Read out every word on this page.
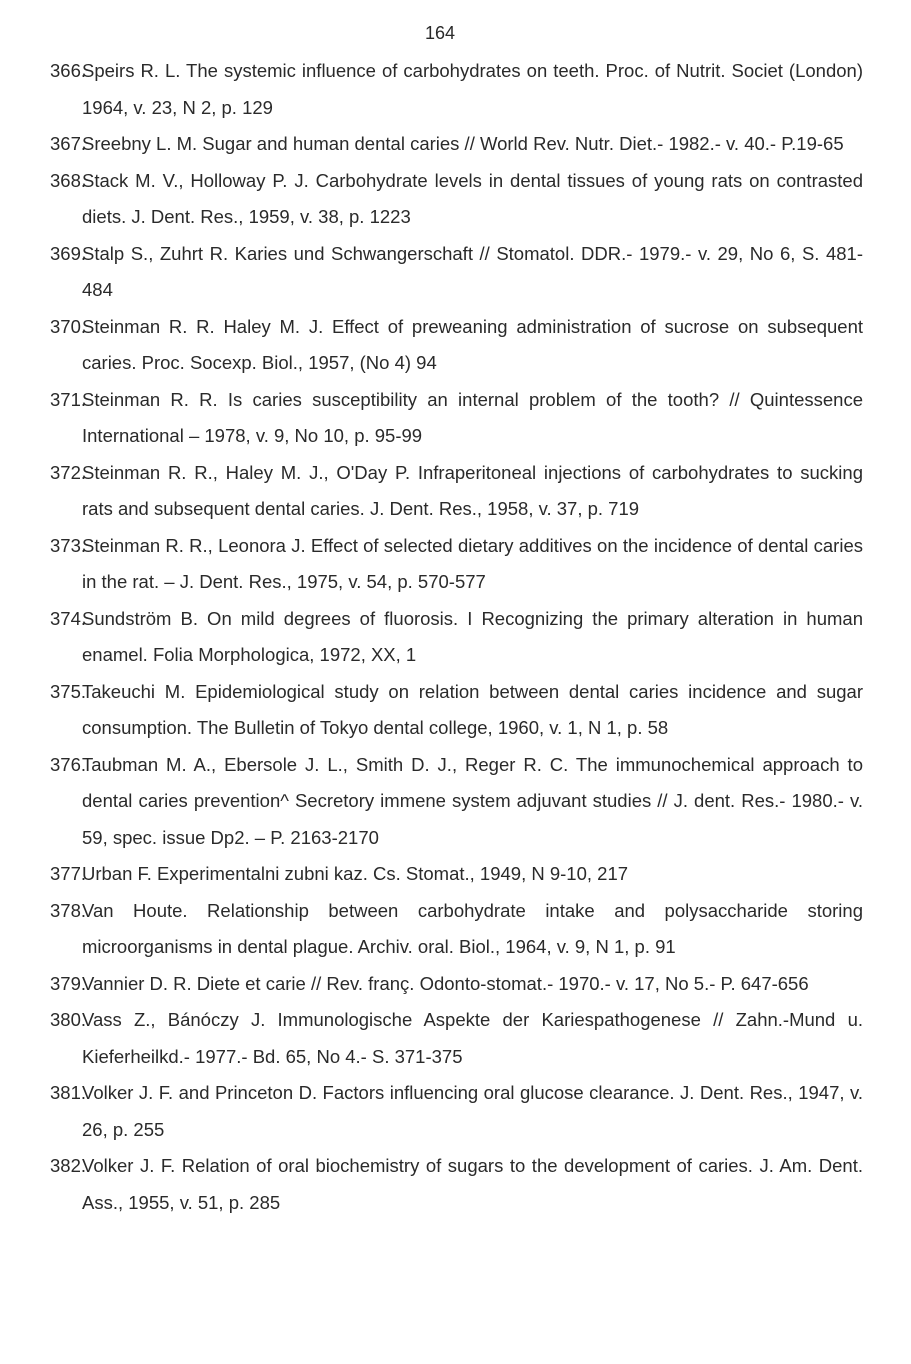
164
366.
Speirs R. L. The systemic influence of carbohydrates on teeth. Proc. of Nutrit. Societ (London) 1964, v. 23, N 2, p. 129
367.
Sreebny L. M. Sugar and human dental caries // World Rev. Nutr. Diet.- 1982.- v. 40.- P.19-65
368.
Stack M. V., Holloway P. J. Carbohydrate levels in dental tissues of young rats on contrasted diets. J. Dent. Res., 1959, v. 38, p. 1223
369.
Stalp S., Zuhrt R. Karies und Schwangerschaft // Stomatol. DDR.- 1979.- v. 29, No 6, S. 481-484
370.
Steinman R. R. Haley M. J. Effect of preweaning administration of sucrose on subsequent caries. Proc. Socexp. Biol., 1957, (No 4) 94
371.
Steinman R. R. Is caries susceptibility an internal problem of the tooth? // Quintessence International – 1978, v. 9, No 10, p. 95-99
372.
Steinman R. R., Haley M. J., O'Day P. Infraperitoneal injections of carbohydrates to sucking rats and subsequent dental caries. J. Dent. Res., 1958, v. 37, p. 719
373.
Steinman R. R., Leonora J. Effect of selected dietary additives on the incidence of dental caries in the rat. – J. Dent. Res., 1975, v. 54, p. 570-577
374.
Sundström B. On mild degrees of fluorosis. I Recognizing the primary alteration in human enamel. Folia Morphologica, 1972, XX, 1
375.
Takeuchi M. Epidemiological study on relation between dental caries incidence and sugar consumption. The Bulletin of Tokyo dental college, 1960, v. 1, N 1, p. 58
376.
Taubman M. A., Ebersole J. L., Smith D. J., Reger R. C. The immunochemical approach to dental caries prevention^ Secretory immene system adjuvant studies // J. dent. Res.- 1980.- v. 59, spec. issue Dp2. – P. 2163-2170
377.
Urban F. Experimentalni zubni kaz. Cs. Stomat., 1949, N 9-10, 217
378.
Van Houte. Relationship between carbohydrate intake and polysaccharide storing microorganisms in dental plague. Archiv. oral. Biol., 1964, v. 9, N 1, p. 91
379.
Vannier D. R. Diete et carie // Rev. franç. Odonto-stomat.- 1970.- v. 17, No 5.- P. 647-656
380.
Vass Z., Bánóczy J. Immunologische Aspekte der Kariespathogenese // Zahn.-Mund u. Kieferheilkd.- 1977.- Bd. 65, No 4.- S. 371-375
381.
Volker J. F. and Princeton D. Factors influencing oral glucose clearance. J. Dent. Res., 1947, v. 26, p. 255
382.
Volker J. F. Relation of oral biochemistry of sugars to the development of caries. J. Am. Dent. Ass., 1955, v. 51, p. 285
